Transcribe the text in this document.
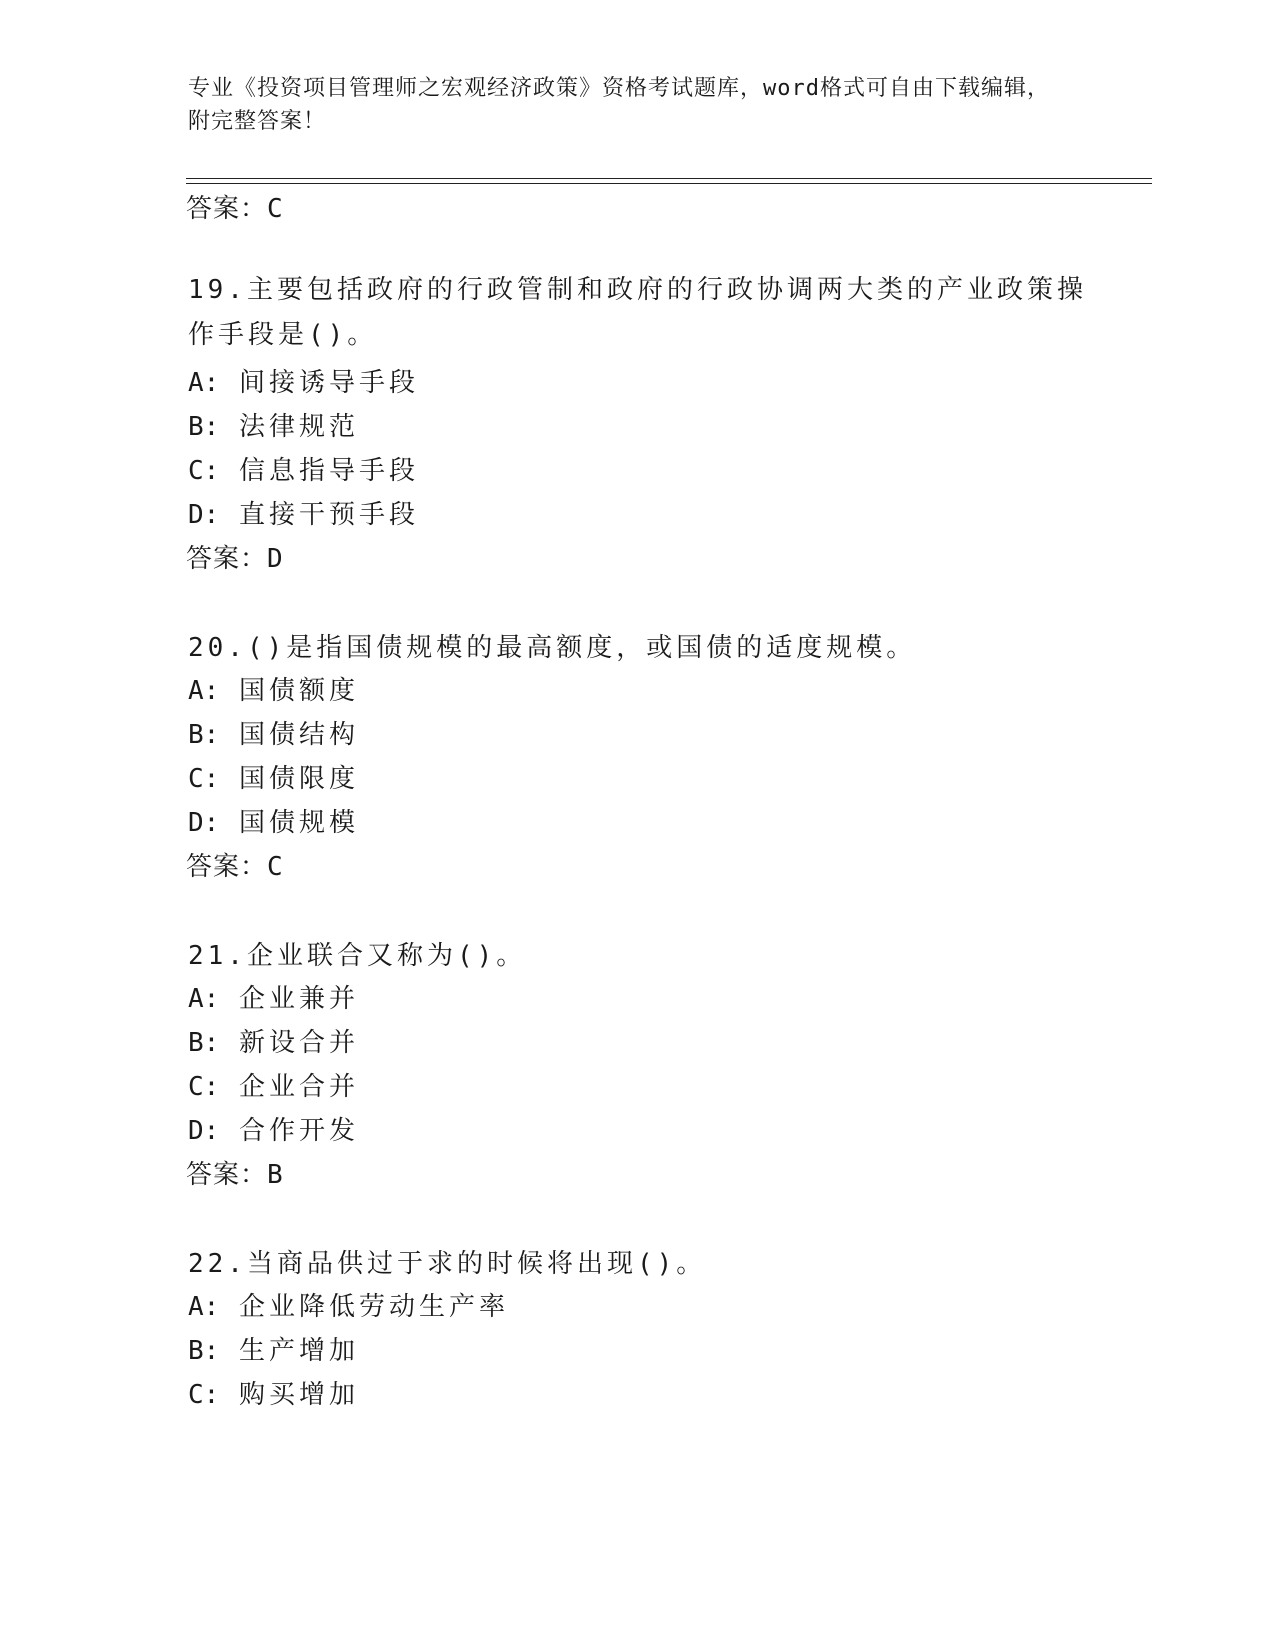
专业《投资项目管理师之宏观经济政策》资格考试题库，word格式可自由下载编辑，附完整答案！

答案：C

19.主要包括政府的行政管制和政府的行政协调两大类的产业政策操作手段是()。

A: 间接诱导手段

B: 法律规范

C: 信息指导手段

D: 直接干预手段

答案：D

20.()是指国债规模的最高额度，或国债的适度规模。

A: 国债额度

B: 国债结构

C: 国债限度

D: 国债规模

答案：C

21.企业联合又称为()。

A: 企业兼并

B: 新设合并

C: 企业合并

D: 合作开发

答案：B

22.当商品供过于求的时候将出现()。

A: 企业降低劳动生产率

B: 生产增加

C: 购买增加
